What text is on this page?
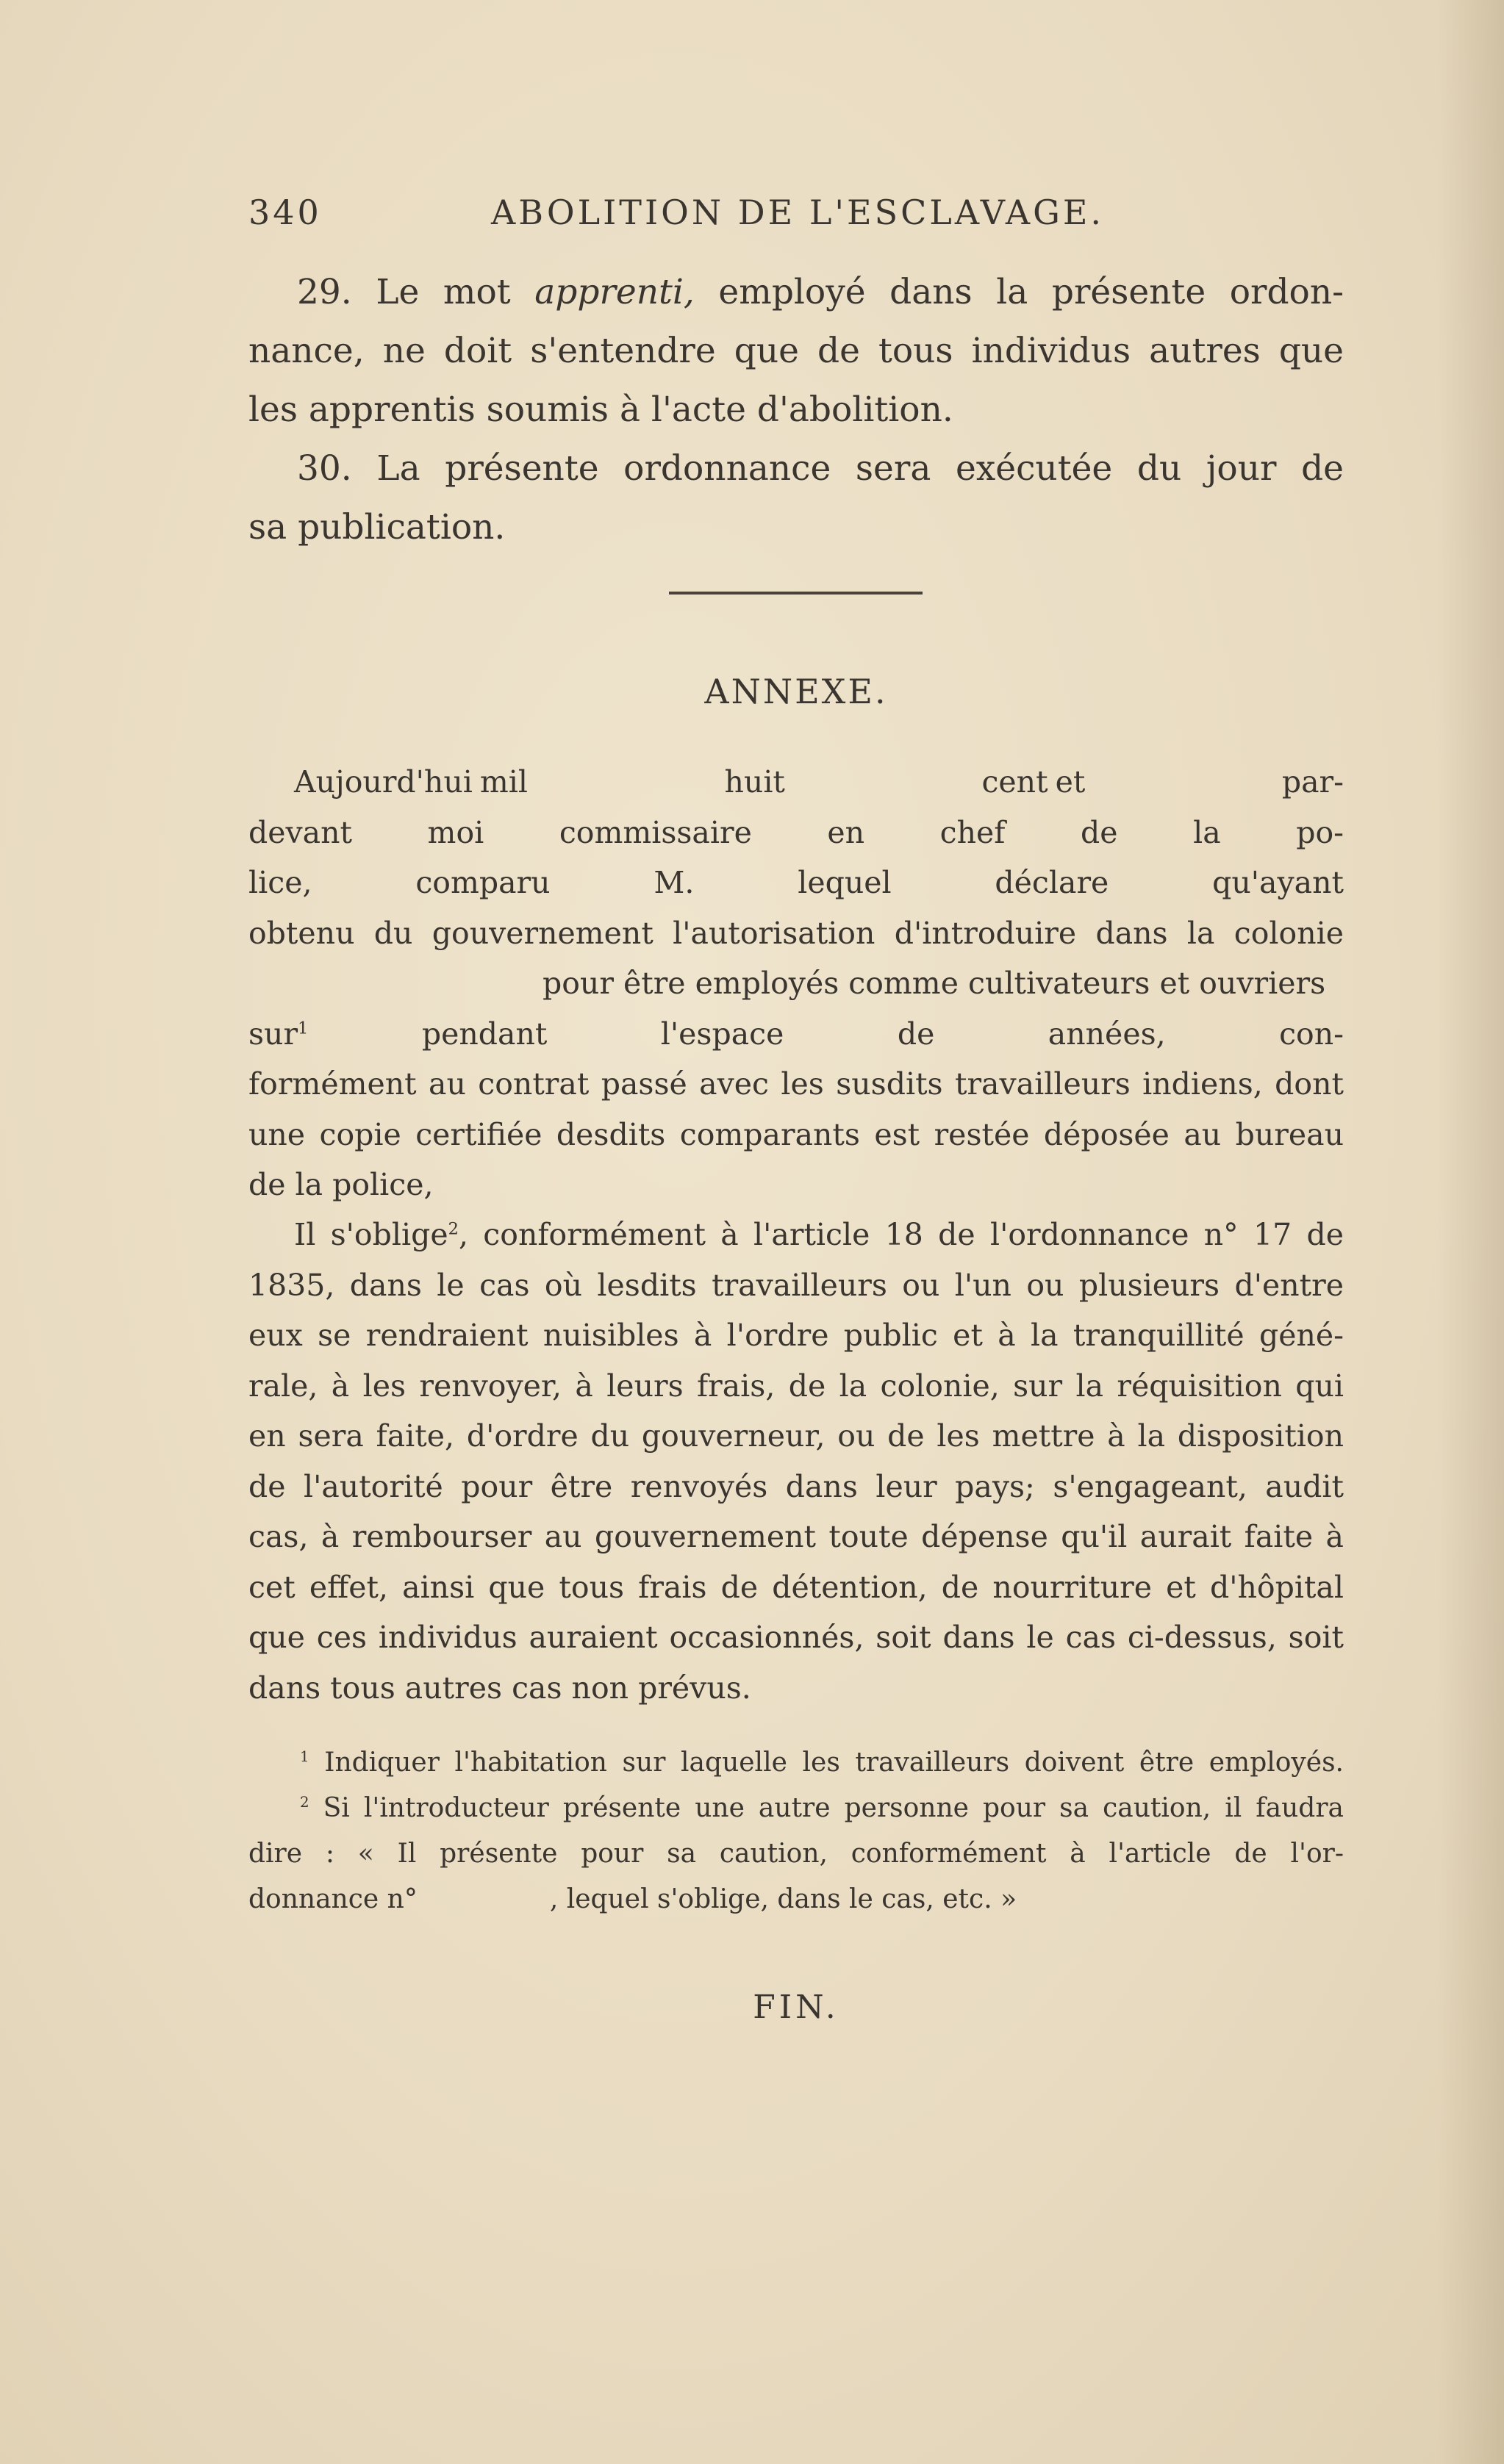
340	ABOLITION DE L'ESCLAVAGE.
29. Le mot apprenti, employé dans la présente ordon-
nance, ne doit s'entendre que de tous individus autres que
les apprentis soumis à l'acte d'abolition.
30. La présente ordonnance sera exécutée du jour de
sa publication.
ANNEXE.
Aujourd'hui mil huit cent et par-
devant moi	commissaire en chef de la po-
lice,	comparu M.	lequel déclare qu'ayant
obtenu du gouvernement l'autorisation d'introduire dans la colonie
pour être employés comme cultivateurs et ouvriers
sur$^1$	pendant l'espace de	années, con-
formément au contrat passé avec les susdits travailleurs indiens, dont
une copie certifiée desdits comparants est restée déposée au bureau
de la police,
Il s'oblige$^2$, conformément à l'article 18 de l'ordonnance n° 17 de
1835, dans le cas où lesdits travailleurs ou l'un ou plusieurs d'entre
eux se rendraient nuisibles à l'ordre public et à la tranquillité géné-
rale, à les renvoyer, à leurs frais, de la colonie, sur la réquisition qui
en sera faite, d'ordre du gouverneur, ou de les mettre à la disposition
de l'autorité pour être renvoyés dans leur pays; s'engageant, audit
cas, à rembourser au gouvernement toute dépense qu'il aurait faite à
cet effet, ainsi que tous frais de détention, de nourriture et d'hôpital
que ces individus auraient occasionnés, soit dans le cas ci-dessus, soit
dans tous autres cas non prévus.
$^1$ Indiquer l'habitation sur laquelle les travailleurs doivent être employés.
$^2$ Si l'introducteur présente une autre personne pour sa caution, il faudra
dire : « Il présente pour sa caution, conformément à l'article de l'or-
donnance n°	, lequel s'oblige, dans le cas, etc. »
FIN.
